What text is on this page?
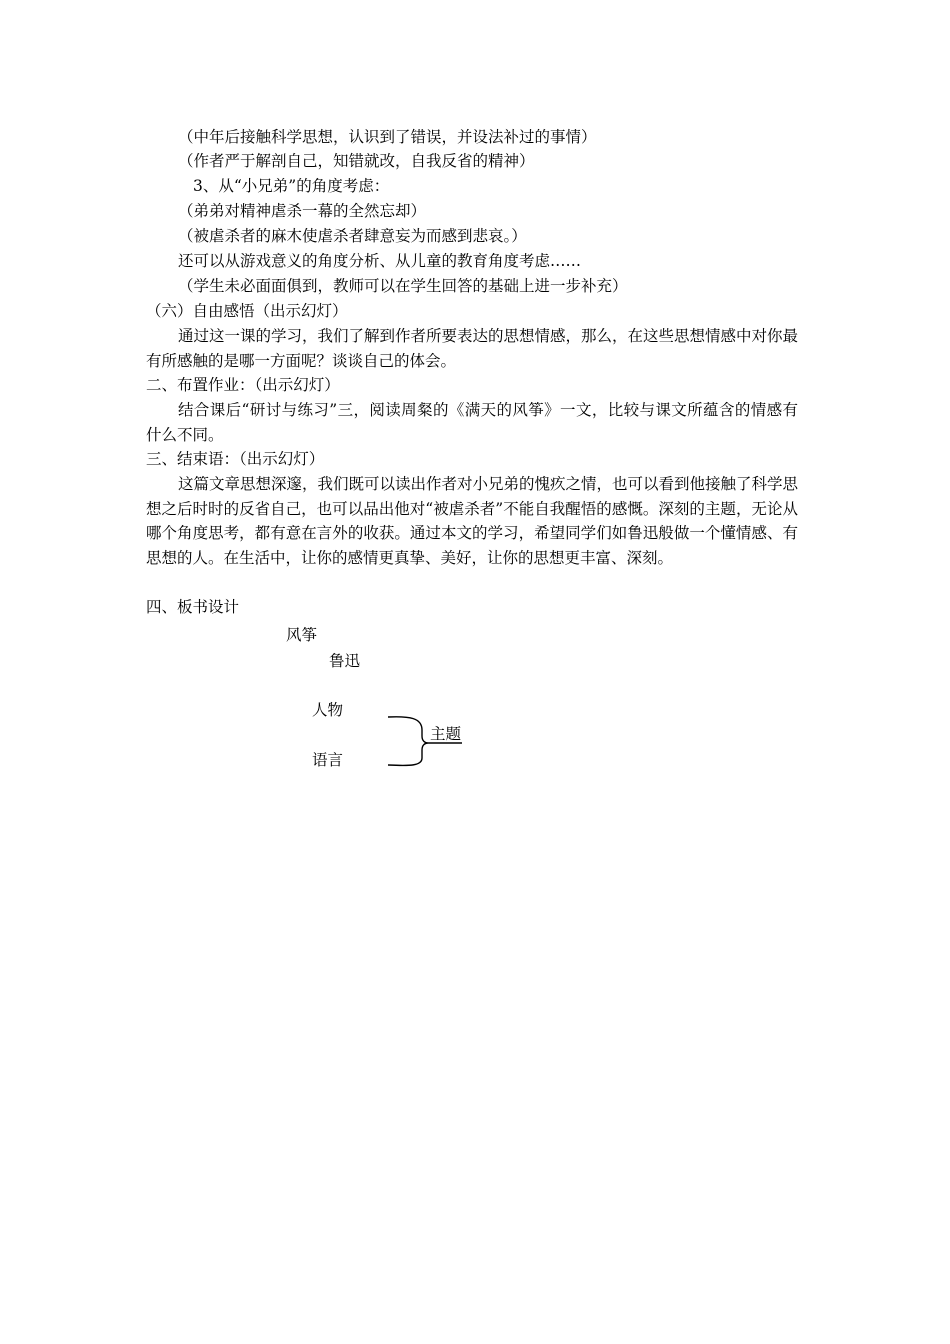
（中年后接触科学思想，认识到了错误，并设法补过的事情）
（作者严于解剖自己，知错就改，自我反省的精神）
3、从“小兄弟”的角度考虑：
（弟弟对精神虐杀一幕的全然忘却）
（被虐杀者的麻木使虐杀者肆意妄为而感到悲哀。）
还可以从游戏意义的角度分析、从儿童的教育角度考虑……
（学生未必面面俱到，教师可以在学生回答的基础上进一步补充）
（六）自由感悟（出示幻灯）
通过这一课的学习，我们了解到作者所要表达的思想情感，那么，在这些思想情感中对你最有所感触的是哪一方面呢？谈谈自己的体会。
二、布置作业：（出示幻灯）
结合课后“研讨与练习”三，阅读周粲的《满天的风筝》一文，比较与课文所蕴含的情感有什么不同。
三、结束语：（出示幻灯）
这篇文章思想深邃，我们既可以读出作者对小兄弟的愧疚之情，也可以看到他接触了科学思想之后时时的反省自己，也可以品出他对“被虐杀者”不能自我醒悟的感慨。深刻的主题，无论从哪个角度思考，都有意在言外的收获。通过本文的学习，希望同学们如鲁迅般做一个懂情感、有思想的人。在生活中，让你的感情更真挚、美好，让你的思想更丰富、深刻。
四、板书设计
风筝
鲁迅
人物
语言
主题
